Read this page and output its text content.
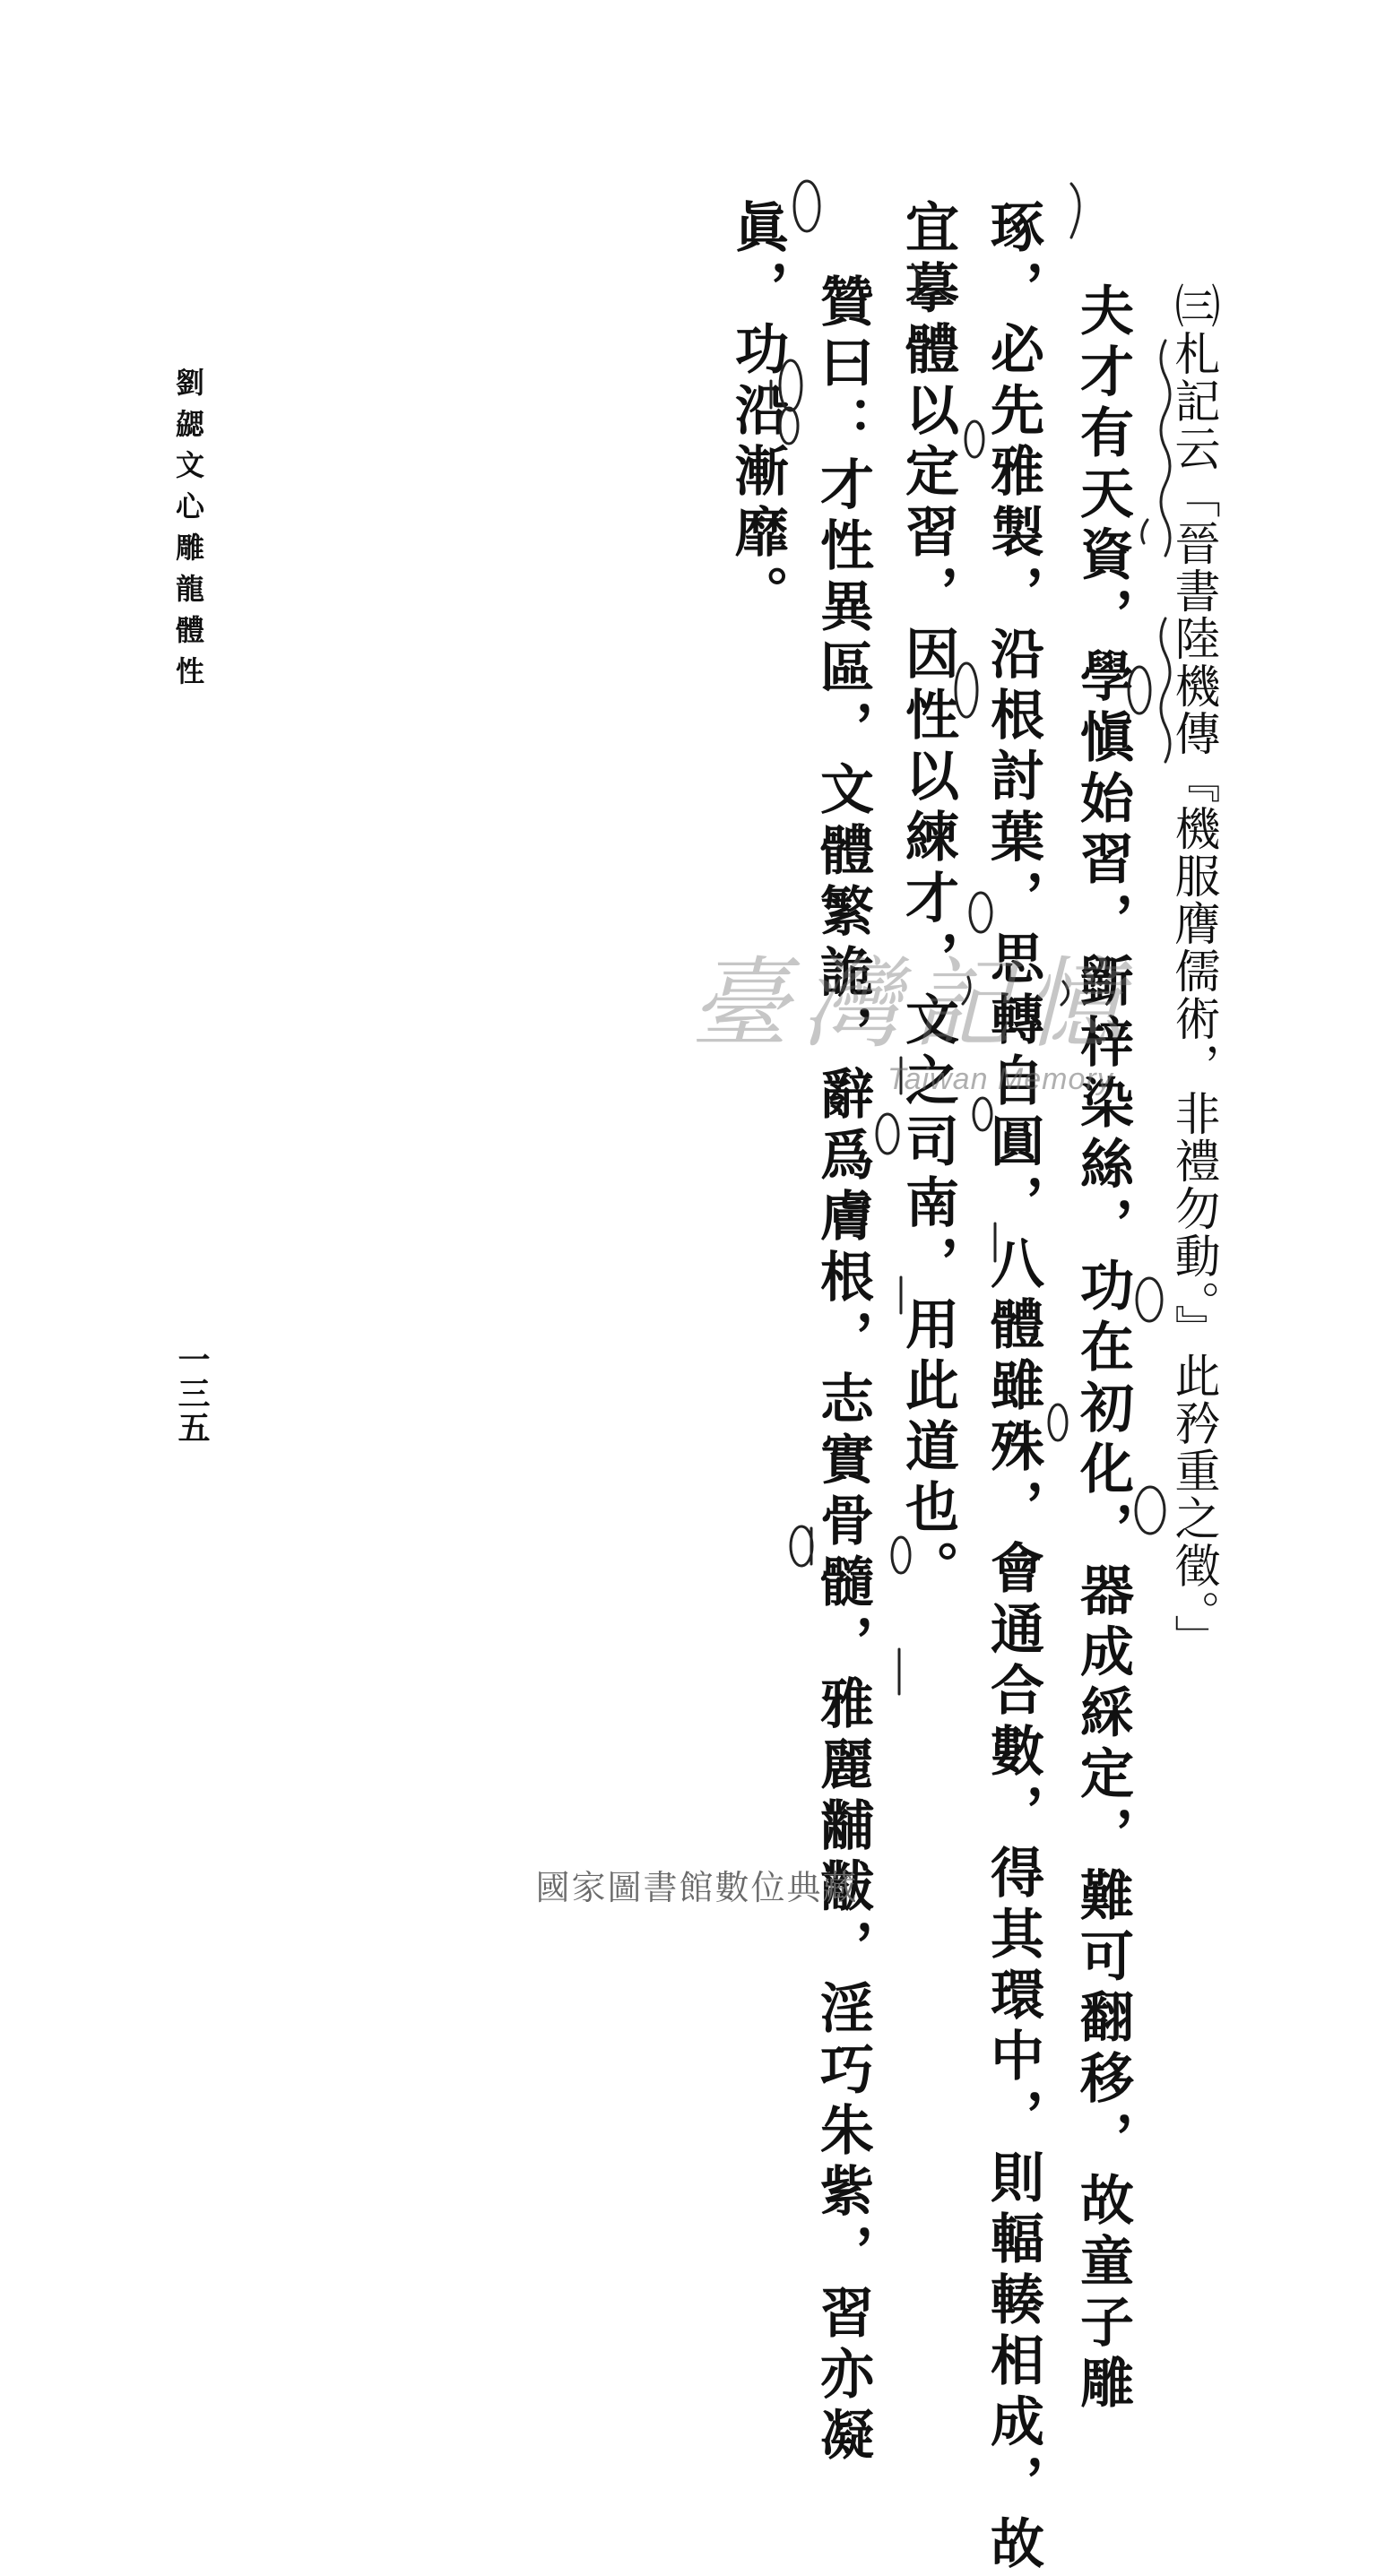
㈢札記云「晉書陸機傳『機服膺儒術，非禮勿動。』此矜重之徵。」
夫才有天資，學愼始習，斵梓染絲，功在初化，器成綵定，難可翻移，故童子雕
琢，必先雅製，沿根討葉，思轉自圓，八體雖殊，會通合數，得其環中，則輻輳相成，故
宜摹體以定習，因性以練才，文之司南，用此道也。
贊曰：才性異區，文體繁詭，辭爲膚根，志實骨髓，雅麗黼黻，淫巧朱紫，習亦凝
眞，功沿漸靡。
劉勰文心雕龍體性
一三五
臺灣記憶
Taiwan Memory
國家圖書館數位典藏
